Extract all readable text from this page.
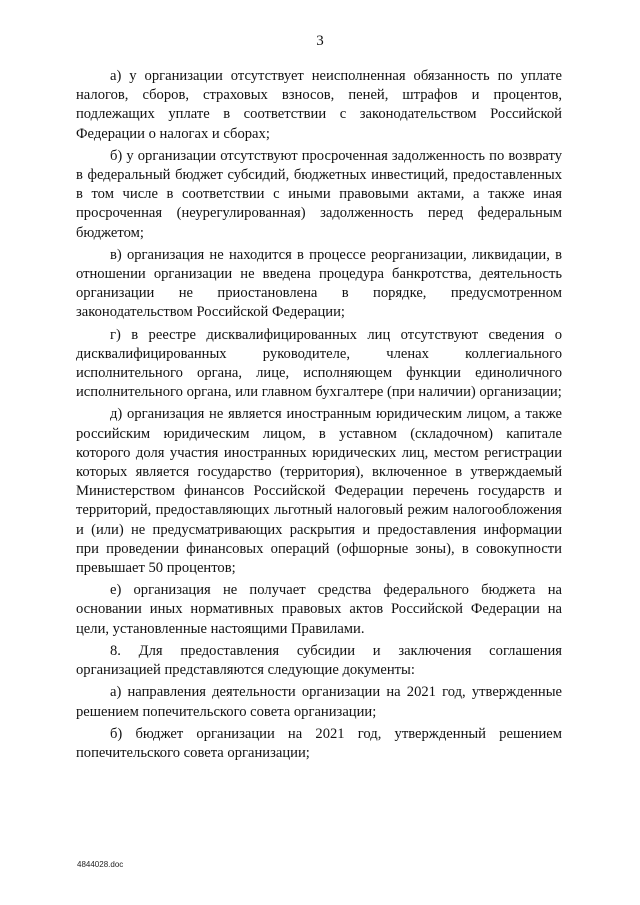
3

а) у организации отсутствует неисполненная обязанность по уплате налогов, сборов, страховых взносов, пеней, штрафов и процентов, подлежащих уплате в соответствии с законодательством Российской Федерации о налогах и сборах;

б) у организации отсутствуют просроченная задолженность по возврату в федеральный бюджет субсидий, бюджетных инвестиций, предоставленных в том числе в соответствии с иными правовыми актами, а также иная просроченная (неурегулированная) задолженность перед федеральным бюджетом;

в) организация не находится в процессе реорганизации, ликвидации, в отношении организации не введена процедура банкротства, деятельность организации не приостановлена в порядке, предусмотренном законодательством Российской Федерации;

г) в реестре дисквалифицированных лиц отсутствуют сведения о дисквалифицированных руководителе, членах коллегиального исполнительного органа, лице, исполняющем функции единоличного исполнительного органа, или главном бухгалтере (при наличии) организации;

д) организация не является иностранным юридическим лицом, а также российским юридическим лицом, в уставном (складочном) капитале которого доля участия иностранных юридических лиц, местом регистрации которых является государство (территория), включенное в утверждаемый Министерством финансов Российской Федерации перечень государств и территорий, предоставляющих льготный налоговый режим налогообложения и (или) не предусматривающих раскрытия и предоставления информации при проведении финансовых операций (офшорные зоны), в совокупности превышает 50 процентов;

е) организация не получает средства федерального бюджета на основании иных нормативных правовых актов Российской Федерации на цели, установленные настоящими Правилами.

8. Для предоставления субсидии и заключения соглашения организацией представляются следующие документы:

а) направления деятельности организации на 2021 год, утвержденные решением попечительского совета организации;

б) бюджет организации на 2021 год, утвержденный решением попечительского совета организации;

4844028.doc
